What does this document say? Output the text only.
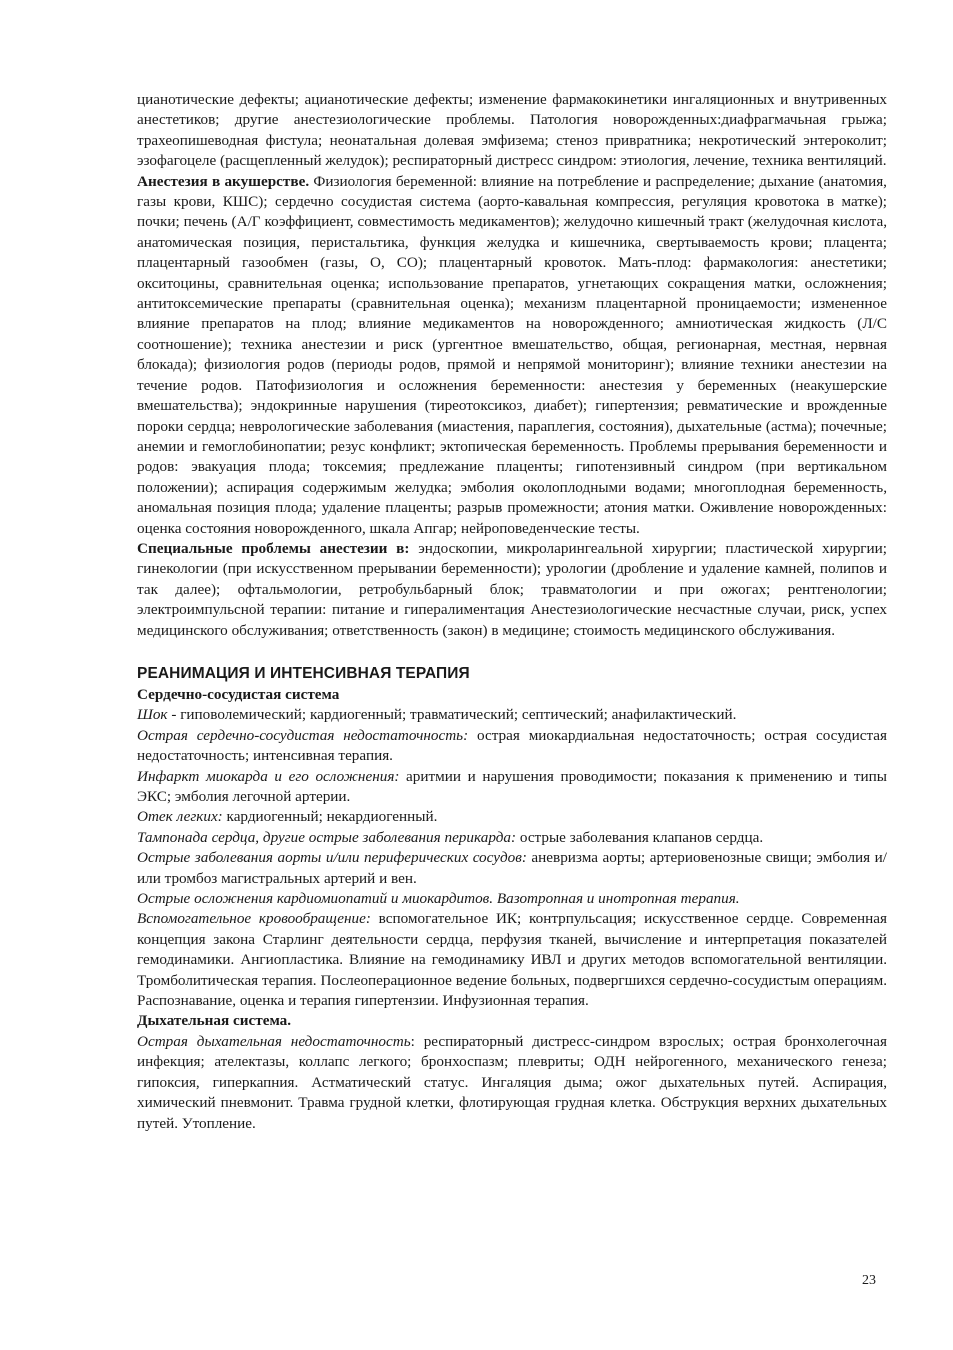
цианотические дефекты; ацианотические дефекты; изменение фармакокинетики ингаляционных и внутривенных анестетиков; другие анестезиологические проблемы. Патология новорожденных:диафрагмачьная грыжа; трахеопишеводная фистула; неонатальная долевая эмфизема; стеноз привратника; некротический энтероколит; эзофагоцеле (расщепленный желудок); респираторный дистресс синдром: этиология, лечение, техника вентиляций.

Анестезия в акушерстве. Физиология беременной: влияние на потребление и распределение; дыхание (анатомия, газы крови, КШС); сердечно сосудистая система (аорто-кавальная компрессия, регуляция кровотока в матке); почки; печень (А/Г коэффициент, совместимость медикаментов); желудочно кишечный тракт (желудочная кислота, анатомическая позиция, перистальтика, функция желудка и кишечника, свертываемость крови; плацента; плацентарный газообмен (газы, О, СО); плацентарный кровоток. Мать-плод: фармакология: анестетики; окситоцины, сравнительная оценка; использование препаратов, угнетающих сокращения матки, осложнения; антитоксемические препараты (сравнительная оценка); механизм плацентарной проницаемости; измененное влияние препаратов на плод; влияние медикаментов на новорожденного; амниотическая жидкость (Л/С соотношение); техника анестезии и риск (ургентное вмешательство, общая, регионарная, местная, нервная блокада); физиология родов (периоды родов, прямой и непрямой мониторинг); влияние техники анестезии на течение родов. Патофизиология и осложнения беременности: анестезия у беременных (неакушерские вмешательства); эндокринные нарушения (тиреотоксикоз, диабет); гипертензия; ревматические и врожденные пороки сердца; неврологические заболевания (миастения, параплегия, состояния), дыхательные (астма); почечные; анемии и гемоглобинопатии; резус конфликт; эктопическая беременность. Проблемы прерывания беременности и родов: эвакуация плода; токсемия; предлежание плаценты; гипотензивный синдром (при вертикальном положении); аспирация содержимым желудка; эмболия околоплодными водами; многоплодная беременность, аномальная позиция плода; удаление плаценты; разрыв промежности; атония матки. Оживление новорожденных: оценка состояния новорожденного, шкала Апгар; нейроповеденческие тесты.

Специальные проблемы анестезии в: эндоскопии, микроларингеальной хирургии; пластической хирургии; гинекологии (при искусственном прерывании беременности); урологии (дробление и удаление камней, полипов и так далее); офтальмологии, ретробульбарный блок; травматологии и при ожогах; рентгенологии; электроимпульсной терапии: питание и гипералиментация Анестезиологические несчастные случаи, риск, успех медицинского обслуживания; ответственность (закон) в медицине; стоимость медицинского обслуживания.

РЕАНИМАЦИЯ И ИНТЕНСИВНАЯ ТЕРАПИЯ

Сердечно-сосудистая система

Шок - гиповолемический; кардиогенный; травматический; септический; анафилактический.

Острая сердечно-сосудистая недостаточность: острая миокардиальная недостаточность; острая сосудистая недостаточность; интенсивная терапия.

Инфаркт миокарда и его осложнения: аритмии и нарушения проводимости; показания к применению и типы ЭКС; эмболия легочной артерии.

Отек легких: кардиогенный; некардиогенный.

Тампонада сердца, другие острые заболевания перикарда: острые заболевания клапанов сердца.

Острые заболевания аорты и/или периферических сосудов: аневризма аорты; артериовенозные свищи; эмболия и/или тромбоз магистральных артерий и вен.

Острые осложнения кардиомиопатий и миокардитов. Вазотропная и инотропная терапия.

Вспомогательное кровообращение: вспомогательное ИК; контрпульсация; искусственное сердце. Современная концепция закона Старлинг деятельности сердца, перфузия тканей, вычисление и интерпретация показателей гемодинамики. Ангиопластика. Влияние на гемодинамику ИВЛ и других методов вспомогательной вентиляции. Тромболитическая терапия. Послеоперационное ведение больных, подвергшихся сердечно-сосудистым операциям. Распознавание, оценка и терапия гипертензии. Инфузионная терапия.

Дыхательная система.

Острая дыхательная недостаточность: респираторный дистресс-синдром взрослых; острая бронхолегочная инфекция; ателектазы, коллапс легкого; бронхоспазм; плевриты; ОДН нейрогенного, механического генеза; гипоксия, гиперкапния. Астматический статус. Ингаляция дыма; ожог дыхательных путей. Аспирация, химический пневмонит. Травма грудной клетки, флотирующая грудная клетка. Обструкция верхних дыхательных путей. Утопление.

23
